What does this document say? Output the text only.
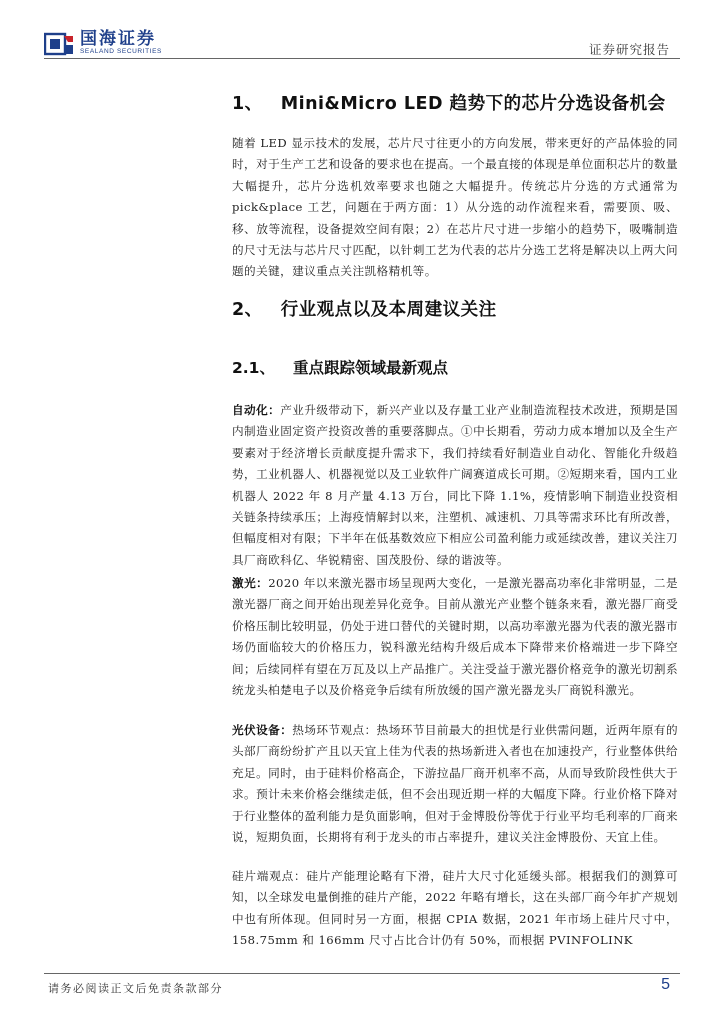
国海证券
SEALAND SECURITIES	证券研究报告
1、 Mini&Micro LED 趋势下的芯片分选设备机会

随着 LED 显示技术的发展，芯片尺寸往更小的方向发展，带来更好的产品体验的同时，对于生产工艺和设备的要求也在提高。一个最直接的体现是单位面积芯片的数量大幅提升，芯片分选机效率要求也随之大幅提升。传统芯片分选的方式通常为 pick&place 工艺，问题在于两方面：1）从分选的动作流程来看，需要顶、吸、移、放等流程，设备提效空间有限；2）在芯片尺寸进一步缩小的趋势下，吸嘴制造的尺寸无法与芯片尺寸匹配，以针刺工艺为代表的芯片分选工艺将是解决以上两大问题的关键，建议重点关注凯格精机等。

2、 行业观点以及本周建议关注
2.1、 重点跟踪领域最新观点

自动化：产业升级带动下，新兴产业以及存量工业产业制造流程技术改进，预期是国内制造业固定资产投资改善的重要落脚点。①中长期看，劳动力成本增加以及全生产要素对于经济增长贡献度提升需求下，我们持续看好制造业自动化、智能化升级趋势，工业机器人、机器视觉以及工业软件广阔赛道成长可期。②短期来看，国内工业机器人 2022 年 8 月产量 4.13 万台，同比下降 1.1%，疫情影响下制造业投资相关链条持续承压；上海疫情解封以来，注塑机、减速机、刀具等需求环比有所改善，但幅度相对有限；下半年在低基数效应下相应公司盈利能力或延续改善，建议关注刀具厂商欧科亿、华锐精密、国茂股份、绿的谐波等。

激光：2020 年以来激光器市场呈现两大变化，一是激光器高功率化非常明显，二是激光器厂商之间开始出现差异化竞争。目前从激光产业整个链条来看，激光器厂商受价格压制比较明显，仍处于进口替代的关键时期，以高功率激光器为代表的激光器市场仍面临较大的价格压力，锐科激光结构升级后成本下降带来价格端进一步下降空间；后续同样有望在万瓦及以上产品推广。关注受益于激光器价格竞争的激光切割系统龙头柏楚电子以及价格竞争后续有所放缓的国产激光器龙头厂商锐科激光。

光伏设备：热场环节观点：热场环节目前最大的担忧是行业供需问题，近两年原有的头部厂商纷纷扩产且以天宜上佳为代表的热场新进入者也在加速投产，行业整体供给充足。同时，由于硅料价格高企，下游拉晶厂商开机率不高，从而导致阶段性供大于求。预计未来价格会继续走低，但不会出现近期一样的大幅度下降。行业价格下降对于行业整体的盈利能力是负面影响，但对于金博股份等优于行业平均毛利率的厂商来说，短期负面，长期将有利于龙头的市占率提升，建议关注金博股份、天宜上佳。

硅片端观点：硅片产能理论略有下滑，硅片大尺寸化延缓头部。根据我们的测算可知，以全球发电量倒推的硅片产能，2022 年略有增长，这在头部厂商今年扩产规划中也有所体现。但同时另一方面，根据 CPIA 数据，2021 年市场上硅片尺寸中，158.75mm 和 166mm 尺寸占比合计仍有 50%，而根据 PVINFOLINK

请务必阅读正文后免责条款部分	5
